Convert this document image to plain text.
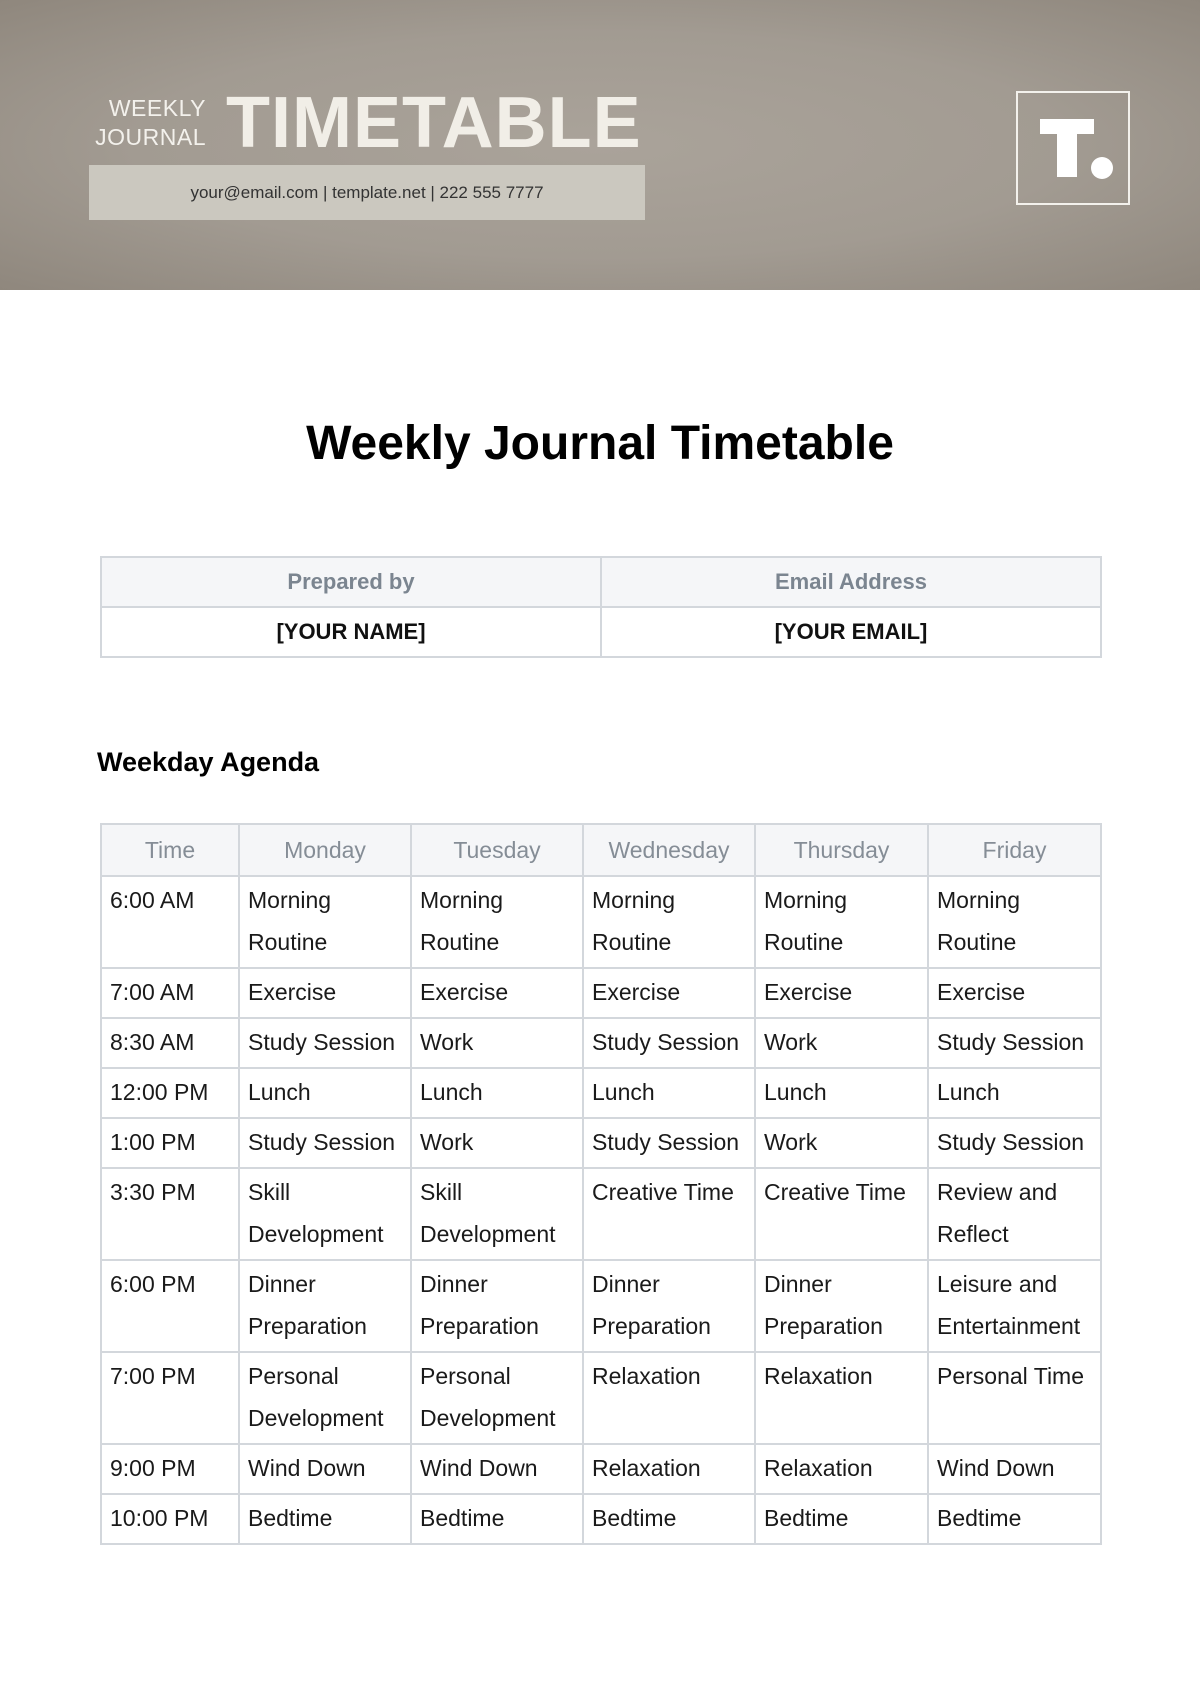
WEEKLY
JOURNAL TIMETABLE
your@email.com | template.net | 222 555 7777
Weekly Journal Timetable
Prepared by	Email Address
[YOUR NAME]	[YOUR EMAIL]
Weekday Agenda
Time	Monday	Tuesday	Wednesday	Thursday	Friday
6:00 AM	Morning Routine	Morning Routine	Morning Routine	Morning Routine	Morning Routine
7:00 AM	Exercise	Exercise	Exercise	Exercise	Exercise
8:30 AM	Study Session	Work	Study Session	Work	Study Session
12:00 PM	Lunch	Lunch	Lunch	Lunch	Lunch
1:00 PM	Study Session	Work	Study Session	Work	Study Session
3:30 PM	Skill Development	Skill Development	Creative Time	Creative Time	Review and Reflect
6:00 PM	Dinner Preparation	Dinner Preparation	Dinner Preparation	Dinner Preparation	Leisure and Entertainment
7:00 PM	Personal Development	Personal Development	Relaxation	Relaxation	Personal Time
9:00 PM	Wind Down	Wind Down	Relaxation	Relaxation	Wind Down
10:00 PM	Bedtime	Bedtime	Bedtime	Bedtime	Bedtime
